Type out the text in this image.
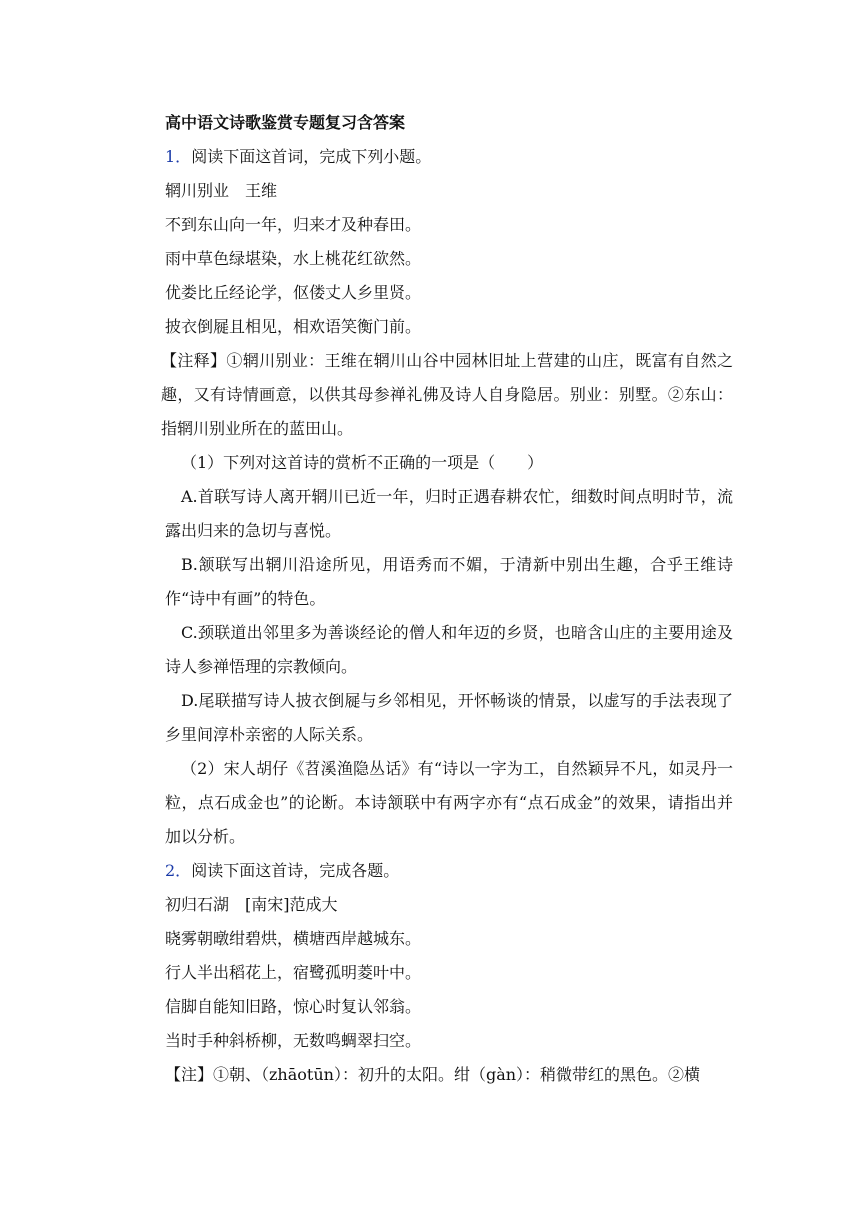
高中语文诗歌鉴赏专题复习含答案
1．阅读下面这首词，完成下列小题。
辋川别业　王维
不到东山向一年，归来才及种春田。
雨中草色绿堪染，水上桃花红欲然。
优娄比丘经论学，伛偻丈人乡里贤。
披衣倒屣且相见，相欢语笑衡门前。
【注释】①辋川别业：王维在辋川山谷中园林旧址上营建的山庄，既富有自然之趣，又有诗情画意，以供其母参禅礼佛及诗人自身隐居。别业：别墅。②东山：指辋川别业所在的蓝田山。
（1）下列对这首诗的赏析不正确的一项是（　　）
A.首联写诗人离开辋川已近一年，归时正遇春耕农忙，细数时间点明时节，流露出归来的急切与喜悦。
B.颔联写出辋川沿途所见，用语秀而不媚，于清新中别出生趣，合乎王维诗作“诗中有画”的特色。
C.颈联道出邻里多为善谈经论的僧人和年迈的乡贤，也暗含山庄的主要用途及诗人参禅悟理的宗教倾向。
D.尾联描写诗人披衣倒屣与乡邻相见，开怀畅谈的情景，以虚写的手法表现了乡里间淳朴亲密的人际关系。
（2）宋人胡仔《苕溪渔隐丛话》有“诗以一字为工，自然颖异不凡，如灵丹一粒，点石成金也”的论断。本诗颔联中有两字亦有“点石成金”的效果，请指出并加以分析。
2．阅读下面这首诗，完成各题。
初归石湖　[南宋]范成大
晓雾朝暾绀碧烘，横塘西岸越城东。
行人半出稻花上，宿鹭孤明菱叶中。
信脚自能知旧路，惊心时复认邻翁。
当时手种斜桥柳，无数鸣蜩翠扫空。
【注】①朝、（zhāotūn）：初升的太阳。绀（gàn）：稍微带红的黑色。②横
